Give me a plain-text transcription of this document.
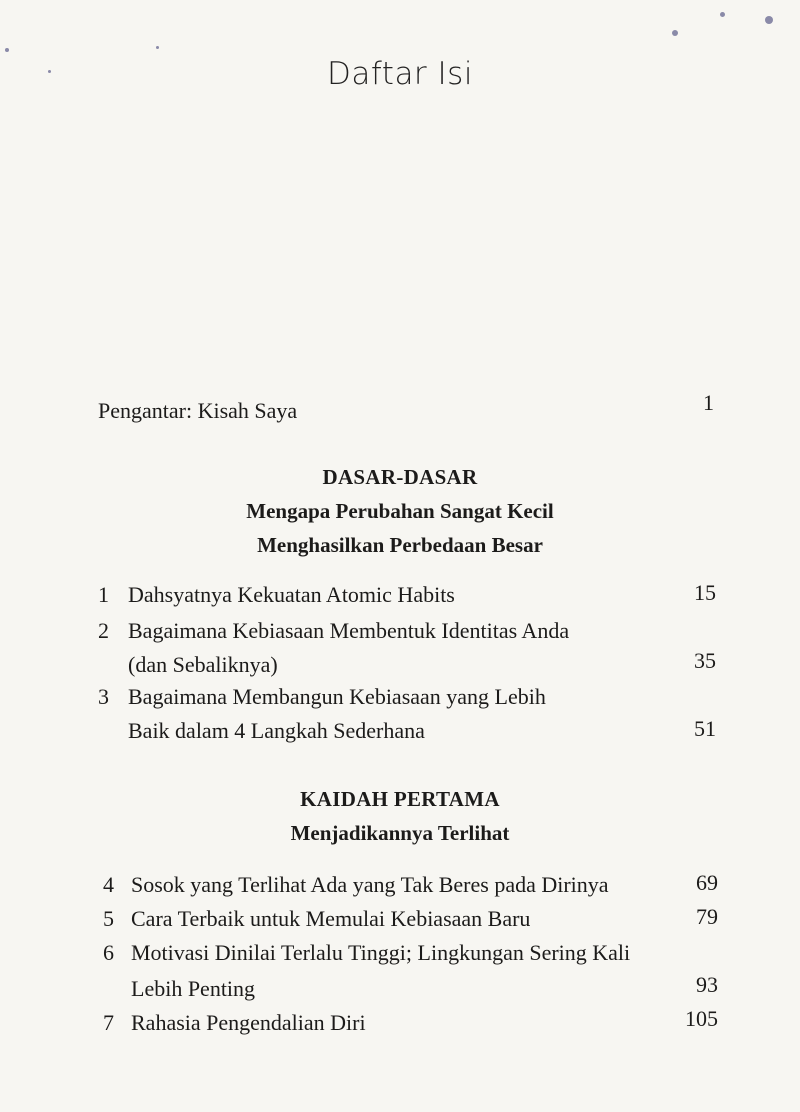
Daftar Isi
Pengantar: Kisah Saya	1
DASAR-DASAR
Mengapa Perubahan Sangat Kecil
Menghasilkan Perbedaan Besar
1 Dahsyatnya Kekuatan Atomic Habits	15
2 Bagaimana Kebiasaan Membentuk Identitas Anda
(dan Sebaliknya)	35
3 Bagaimana Membangun Kebiasaan yang Lebih
Baik dalam 4 Langkah Sederhana	51
KAIDAH PERTAMA
Menjadikannya Terlihat
4 Sosok yang Terlihat Ada yang Tak Beres pada Dirinya	69
5 Cara Terbaik untuk Memulai Kebiasaan Baru	79
6 Motivasi Dinilai Terlalu Tinggi; Lingkungan Sering Kali
Lebih Penting	93
7 Rahasia Pengendalian Diri	105
